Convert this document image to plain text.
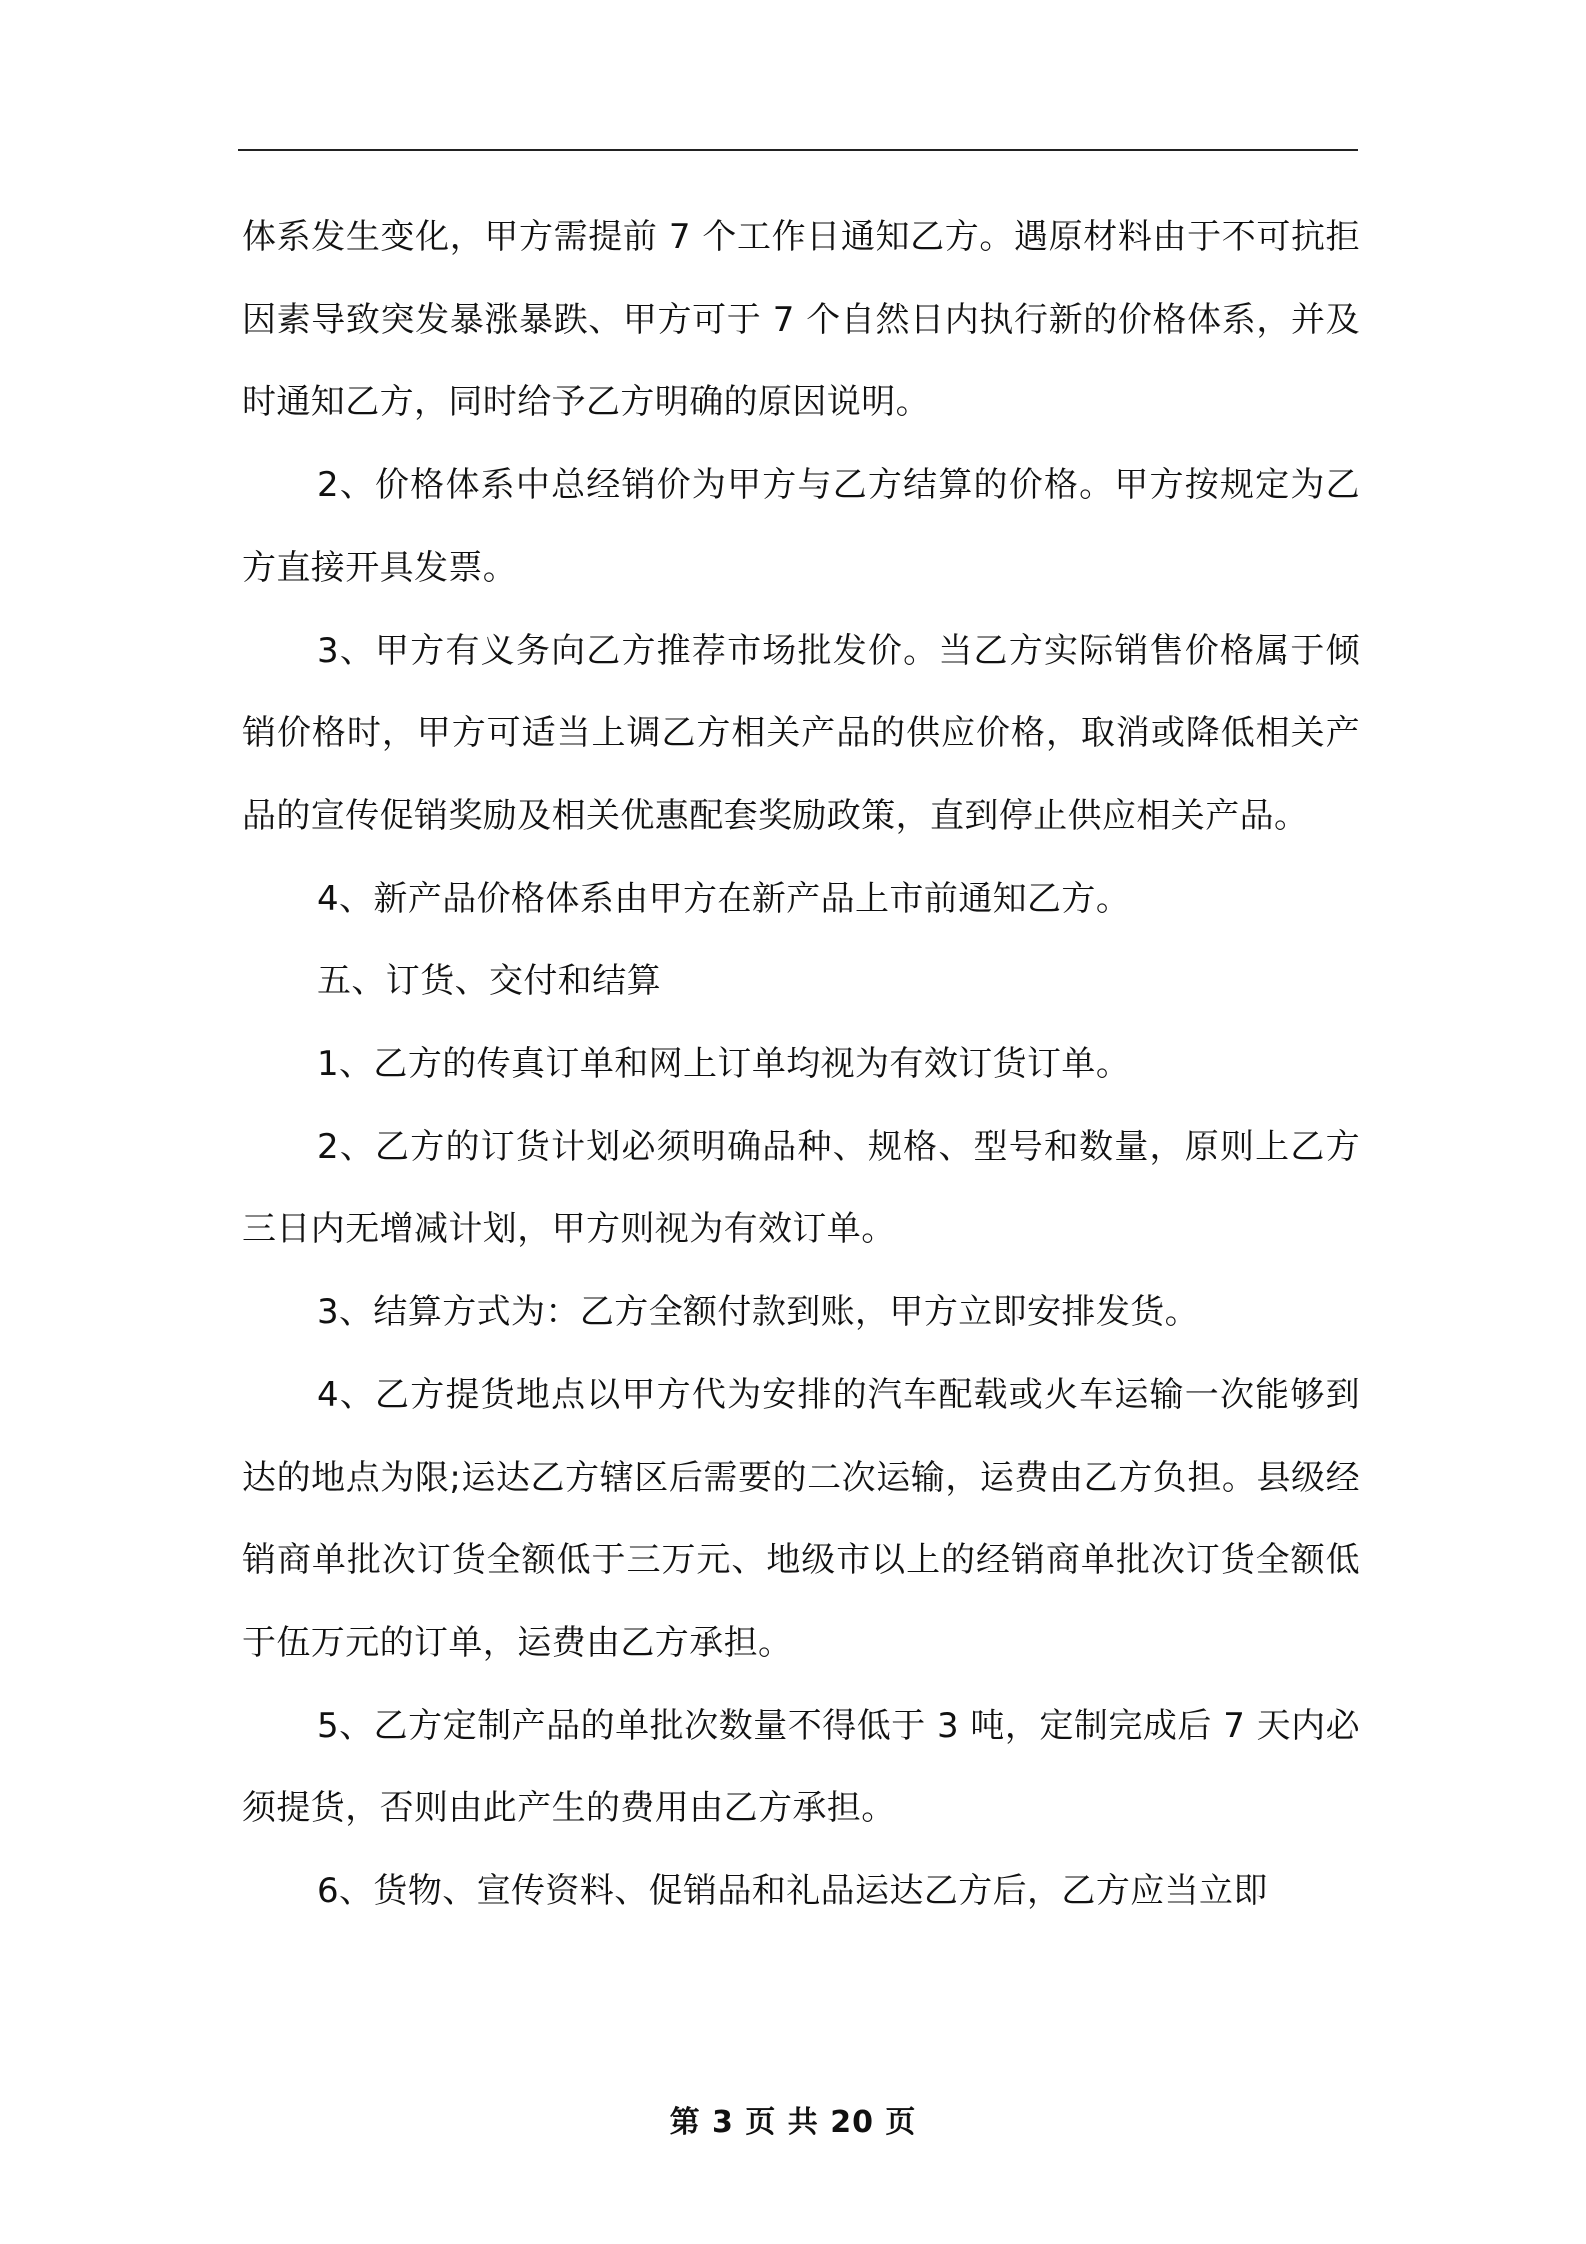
体系发生变化，甲方需提前 7 个工作日通知乙方。遇原材料由于不可抗拒因素导致突发暴涨暴跌、甲方可于 7 个自然日内执行新的价格体系，并及时通知乙方，同时给予乙方明确的原因说明。

2、价格体系中总经销价为甲方与乙方结算的价格。甲方按规定为乙方直接开具发票。

3、甲方有义务向乙方推荐市场批发价。当乙方实际销售价格属于倾销价格时，甲方可适当上调乙方相关产品的供应价格，取消或降低相关产品的宣传促销奖励及相关优惠配套奖励政策，直到停止供应相关产品。

4、新产品价格体系由甲方在新产品上市前通知乙方。

五、订货、交付和结算

1、乙方的传真订单和网上订单均视为有效订货订单。

2、乙方的订货计划必须明确品种、规格、型号和数量，原则上乙方三日内无增减计划，甲方则视为有效订单。

3、结算方式为：乙方全额付款到账，甲方立即安排发货。

4、乙方提货地点以甲方代为安排的汽车配载或火车运输一次能够到达的地点为限;运达乙方辖区后需要的二次运输，运费由乙方负担。县级经销商单批次订货全额低于三万元、地级市以上的经销商单批次订货全额低于伍万元的订单，运费由乙方承担。

5、乙方定制产品的单批次数量不得低于 3 吨，定制完成后 7 天内必须提货，否则由此产生的费用由乙方承担。

6、货物、宣传资料、促销品和礼品运达乙方后，乙方应当立即

第 3 页 共 20 页
